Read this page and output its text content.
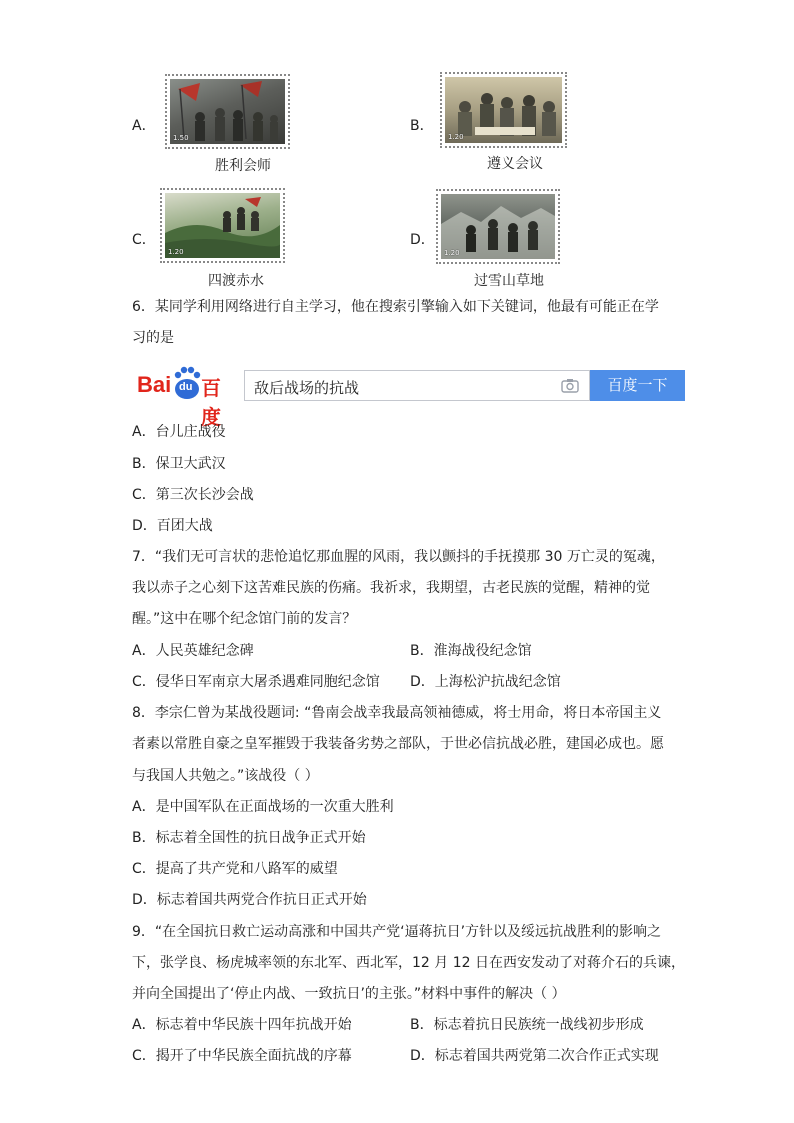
A．
1.50
胜利会师
B．
1.20
遵义会议
C．
1.20
四渡赤水
D．
1.20
过雪山草地
6．某同学利用网络进行自主学习，他在搜索引擎输入如下关键词，他最有可能正在学
习的是
Bai du 百度
敌后战场的抗战	百度一下
A．台儿庄战役
B．保卫大武汉
C．第三次长沙会战
D．百团大战
7．“我们无可言状的悲怆追忆那血腥的风雨，我以颤抖的手抚摸那 30 万亡灵的冤魂，
我以赤子之心刻下这苦难民族的伤痛。我祈求，我期望，古老民族的觉醒，精神的觉
醒。”这中在哪个纪念馆门前的发言？
A．人民英雄纪念碑	B．淮海战役纪念馆
C．侵华日军南京大屠杀遇难同胞纪念馆 D．上海松沪抗战纪念馆
8．李宗仁曾为某战役题词: “鲁南会战幸我最高领袖德威，将士用命，将日本帝国主义
者素以常胜自豪之皇军摧毁于我装备劣势之部队，于世必信抗战必胜，建国必成也。愿
与我国人共勉之。”该战役（ ）
A．是中国军队在正面战场的一次重大胜利
B．标志着全国性的抗日战争正式开始
C．提高了共产党和八路军的威望
D．标志着国共两党合作抗日正式开始
9．“在全国抗日救亡运动高涨和中国共产党‘逼蒋抗日’方针以及绥远抗战胜利的影响之
下，张学良、杨虎城率领的东北军、西北军，12 月 12 日在西安发动了对蒋介石的兵谏，
并向全国提出了‘停止内战、一致抗日’的主张。”材料中事件的解决（ ）
A．标志着中华民族十四年抗战开始	B．标志着抗日民族统一战线初步形成
C．揭开了中华民族全面抗战的序幕	D．标志着国共两党第二次合作正式实现
